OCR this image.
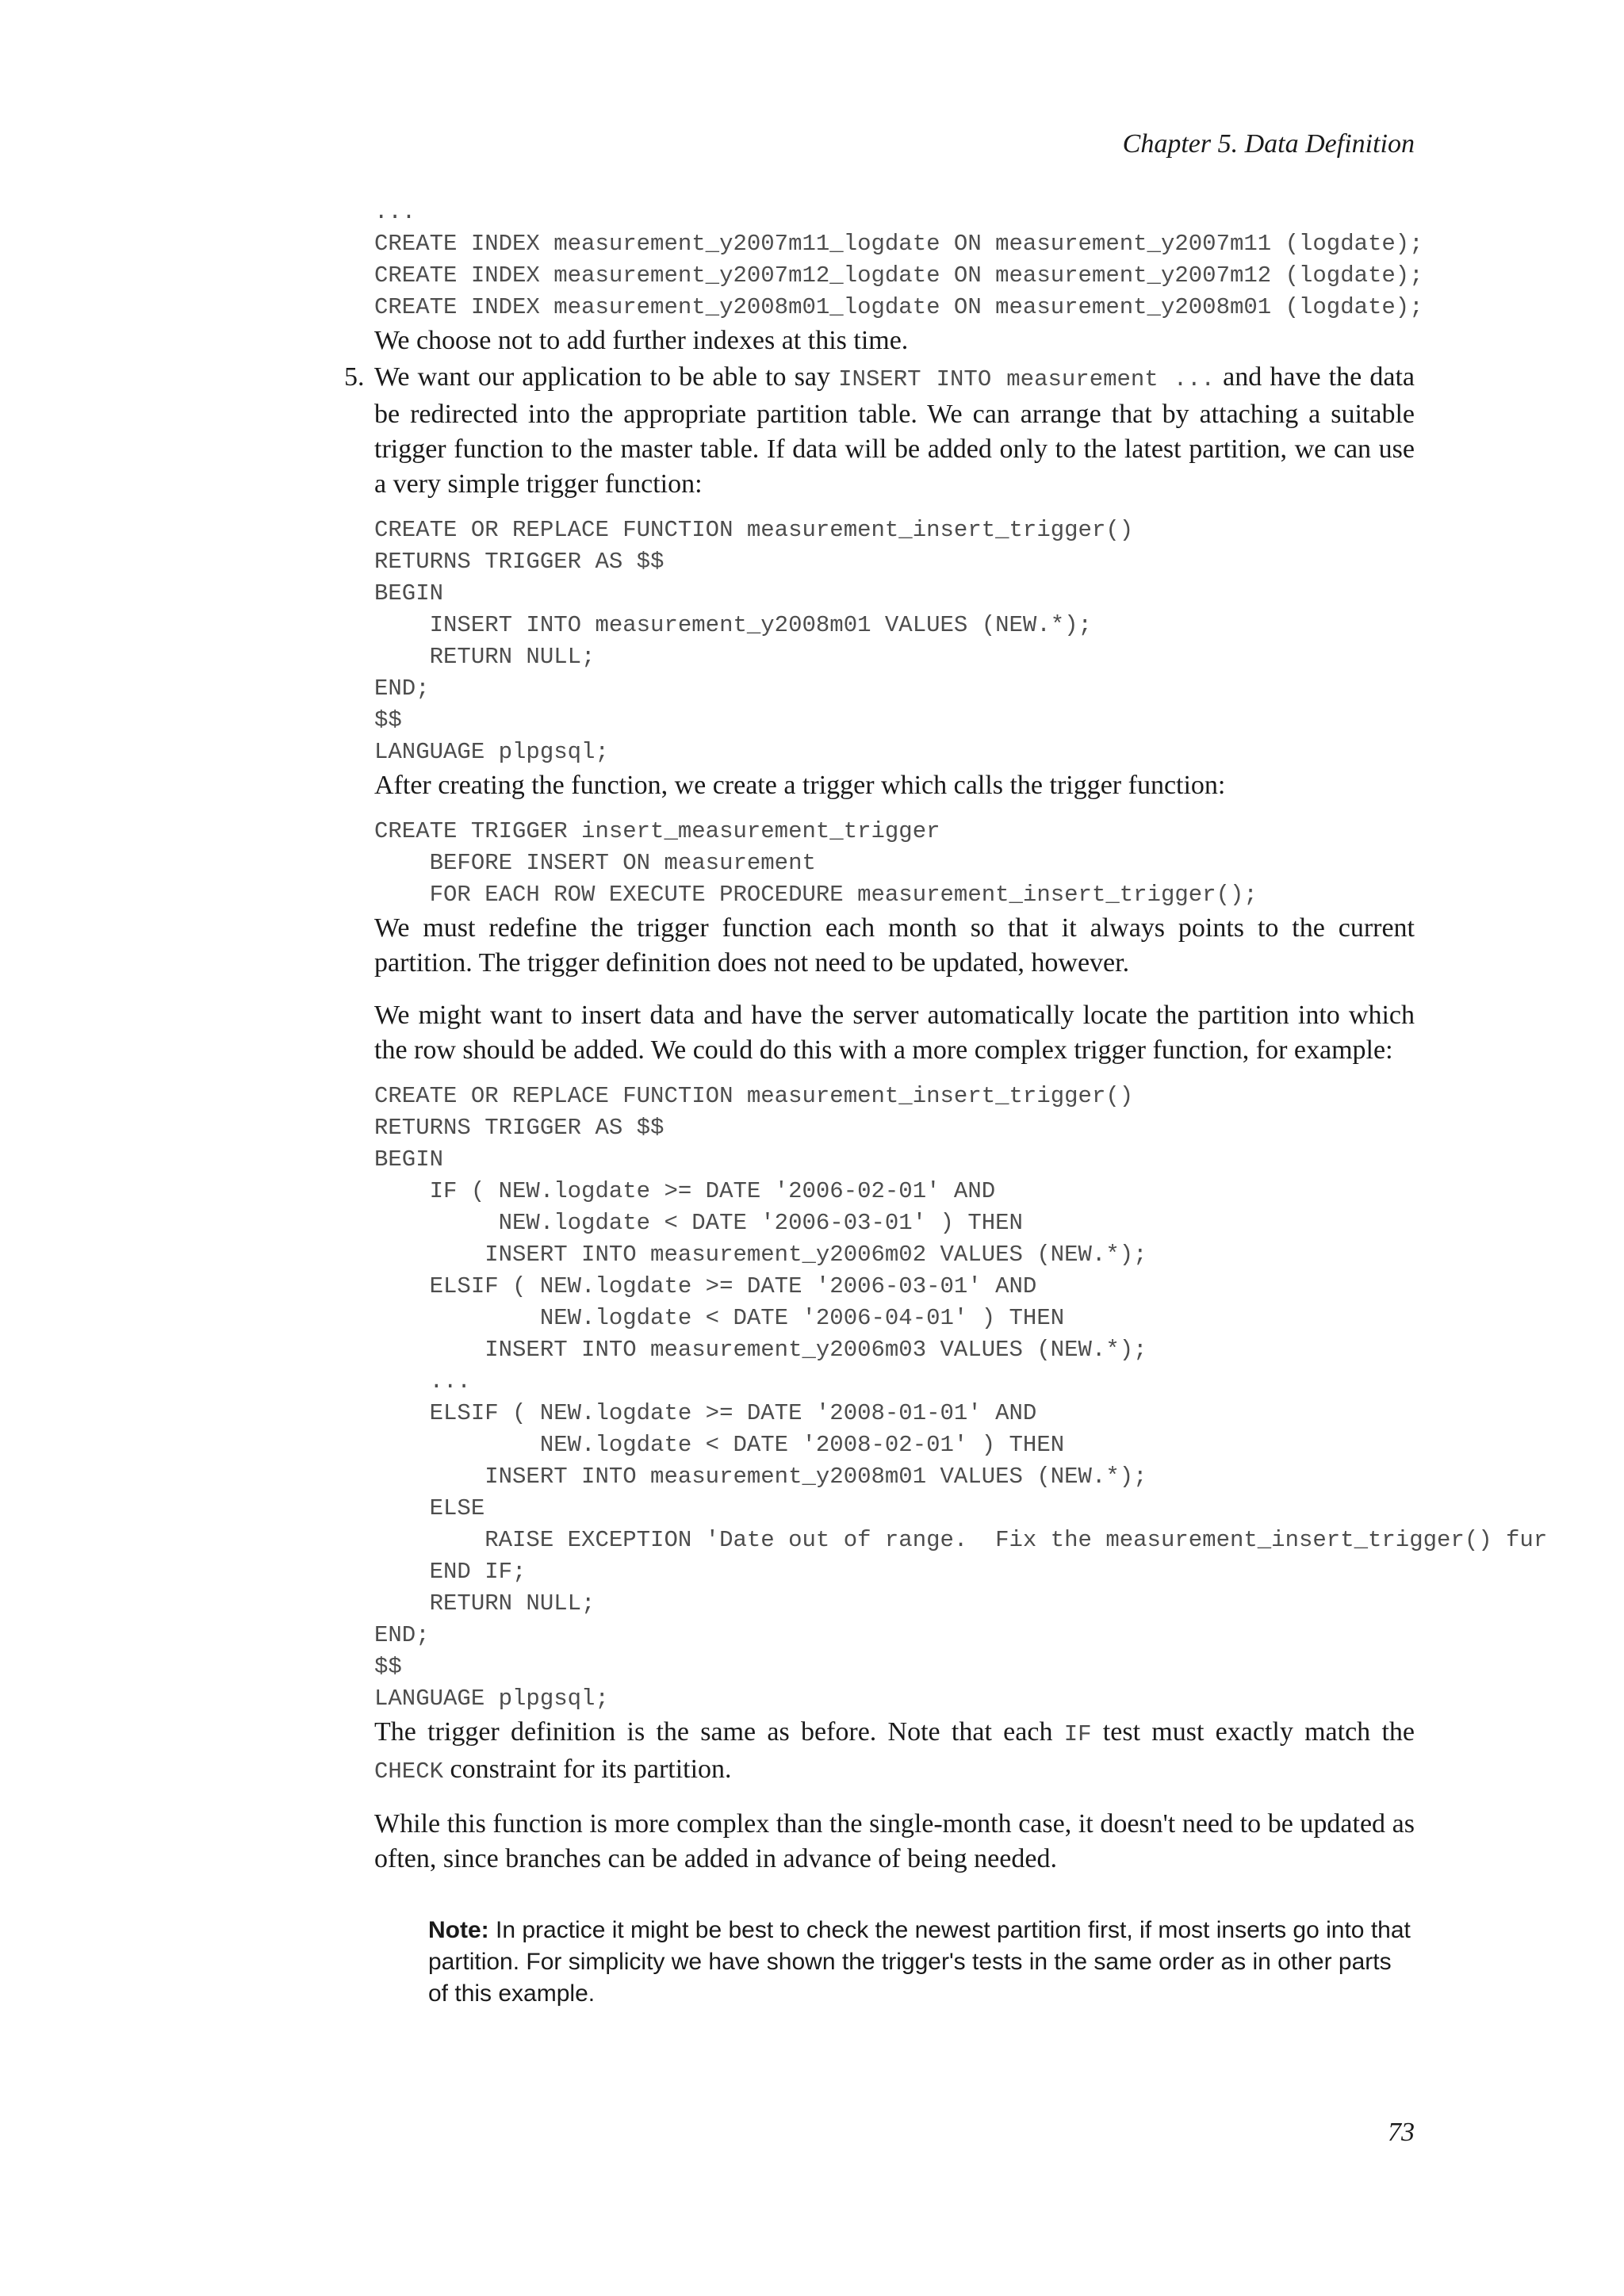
Chapter 5. Data Definition
...
CREATE INDEX measurement_y2007m11_logdate ON measurement_y2007m11 (logdate);
CREATE INDEX measurement_y2007m12_logdate ON measurement_y2007m12 (logdate);
CREATE INDEX measurement_y2008m01_logdate ON measurement_y2008m01 (logdate);

We choose not to add further indexes at this time.

5. We want our application to be able to say INSERT INTO measurement ... and have the data be redirected into the appropriate partition table. We can arrange that by attaching a suitable trigger function to the master table. If data will be added only to the latest partition, we can use a very simple trigger function:

CREATE OR REPLACE FUNCTION measurement_insert_trigger()
RETURNS TRIGGER AS $$
BEGIN
INSERT INTO measurement_y2008m01 VALUES (NEW.*);
RETURN NULL;
END;
$$
LANGUAGE plpgsql;

After creating the function, we create a trigger which calls the trigger function:

CREATE TRIGGER insert_measurement_trigger
BEFORE INSERT ON measurement
FOR EACH ROW EXECUTE PROCEDURE measurement_insert_trigger();

We must redefine the trigger function each month so that it always points to the current partition. The trigger definition does not need to be updated, however.

We might want to insert data and have the server automatically locate the partition into which the row should be added. We could do this with a more complex trigger function, for example:

CREATE OR REPLACE FUNCTION measurement_insert_trigger()
RETURNS TRIGGER AS $$
BEGIN
IF ( NEW.logdate >= DATE '2006-02-01' AND
NEW.logdate < DATE '2006-03-01' ) THEN
INSERT INTO measurement_y2006m02 VALUES (NEW.*);
ELSIF ( NEW.logdate >= DATE '2006-03-01' AND
NEW.logdate < DATE '2006-04-01' ) THEN
INSERT INTO measurement_y2006m03 VALUES (NEW.*);
...
ELSIF ( NEW.logdate >= DATE '2008-01-01' AND
NEW.logdate < DATE '2008-02-01' ) THEN
INSERT INTO measurement_y2008m01 VALUES (NEW.*);
ELSE
RAISE EXCEPTION 'Date out of range.  Fix the measurement_insert_trigger() fur
END IF;
RETURN NULL;
END;
$$
LANGUAGE plpgsql;

The trigger definition is the same as before. Note that each IF test must exactly match the CHECK constraint for its partition.

While this function is more complex than the single-month case, it doesn't need to be updated as often, since branches can be added in advance of being needed.

Note: In practice it might be best to check the newest partition first, if most inserts go into that partition. For simplicity we have shown the trigger's tests in the same order as in other parts of this example.
73
